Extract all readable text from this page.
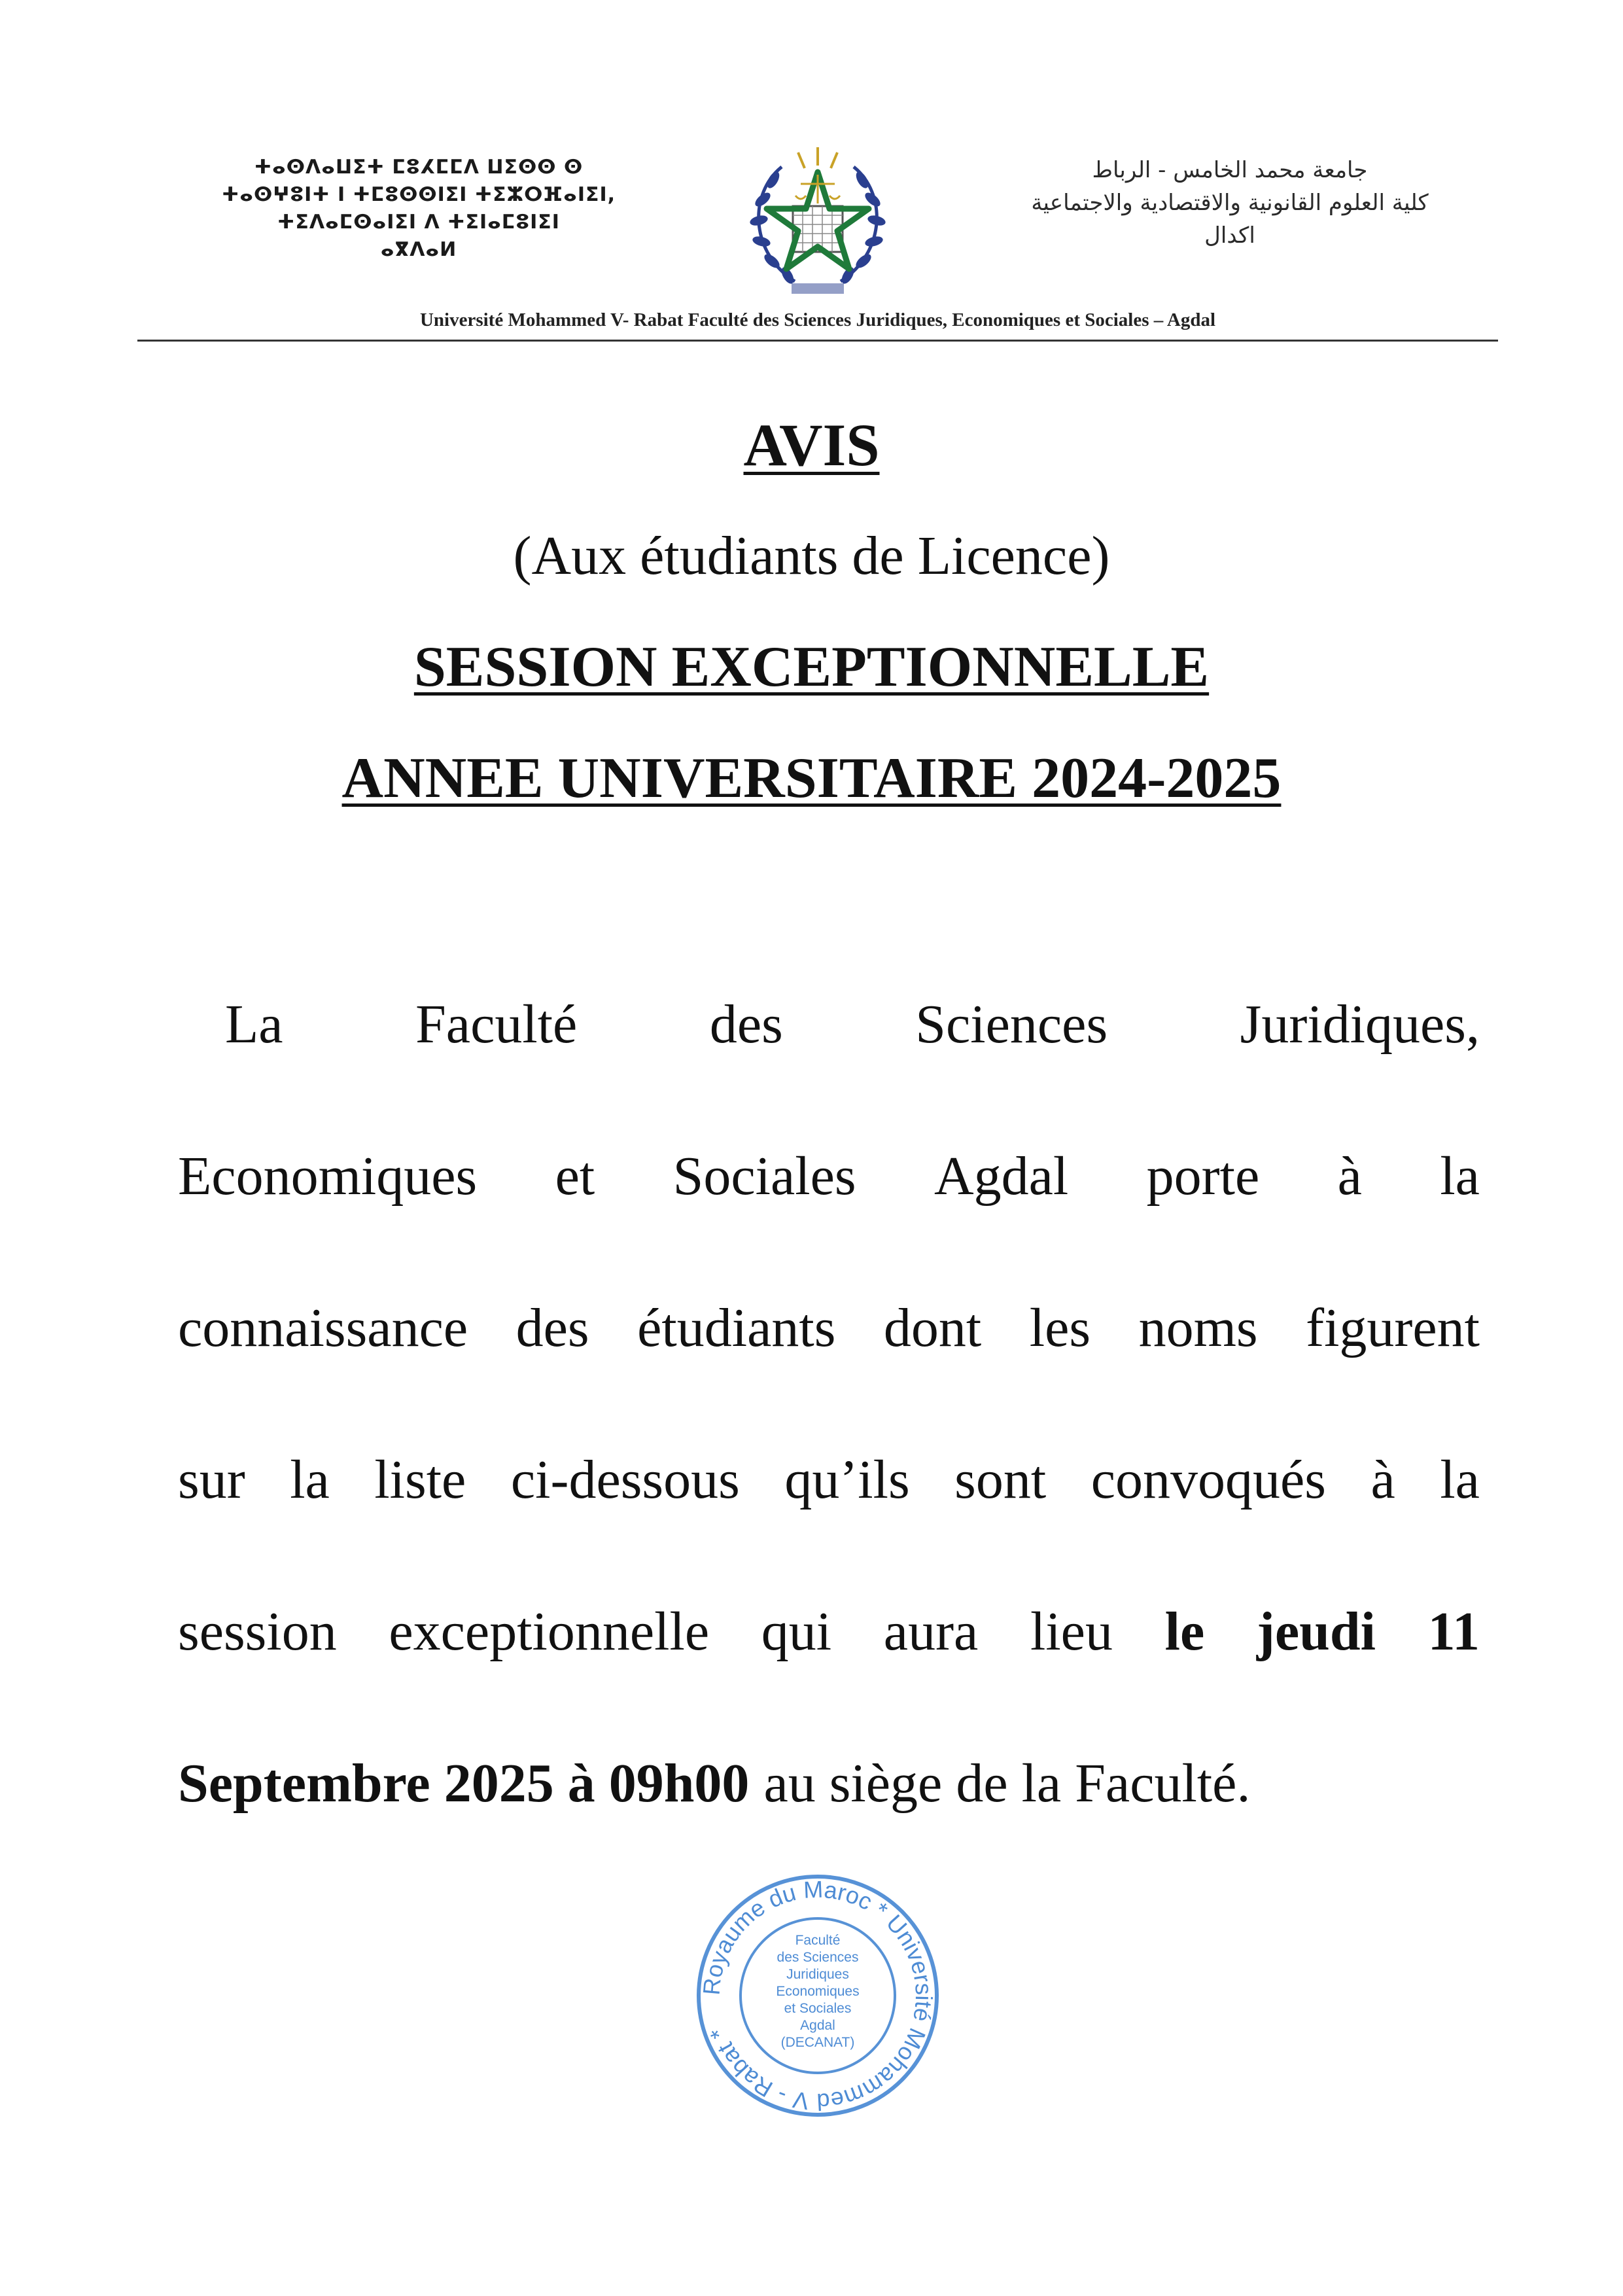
ⵜⴰⵙⴷⴰⵡⵉⵜ ⵎⵓⵃⵎⵎⴷ ⵡⵉⵙⵙ ⵙ
ⵜⴰⵙⵖⵓⵏⵜ ⵏ ⵜⵎⵓⵙⵙⵏⵉⵏ ⵜⵉⵣⵔⴼⴰⵏⵉⵏ,
ⵜⵉⴷⴰⵎⵙⴰⵏⵉⵏ ⴷ ⵜⵉⵏⴰⵎⵓⵏⵉⵏ
ⴰⴳⴷⴰⵍ
جامعة محمد الخامس - الرباط
كلية العلوم القانونية والاقتصادية والاجتماعية
اكدال
Université Mohammed V- Rabat Faculté des Sciences Juridiques, Economiques et Sociales – Agdal
AVIS
(Aux étudiants de Licence)
SESSION EXCEPTIONNELLE
ANNEE UNIVERSITAIRE 2024-2025
La Faculté des Sciences Juridiques,
Economiques et Sociales Agdal porte à la
connaissance des étudiants dont les noms figurent
sur la liste ci-dessous qu’ils sont convoqués à la
session exceptionnelle qui aura lieu le jeudi 11
Septembre 2025 à 09h00 au siège de la Faculté.
Royaume du Maroc * Université Mohammed V - Rabat *
Faculté
des Sciences
Juridiques
Economiques
et Sociales
Agdal
(DECANAT)
